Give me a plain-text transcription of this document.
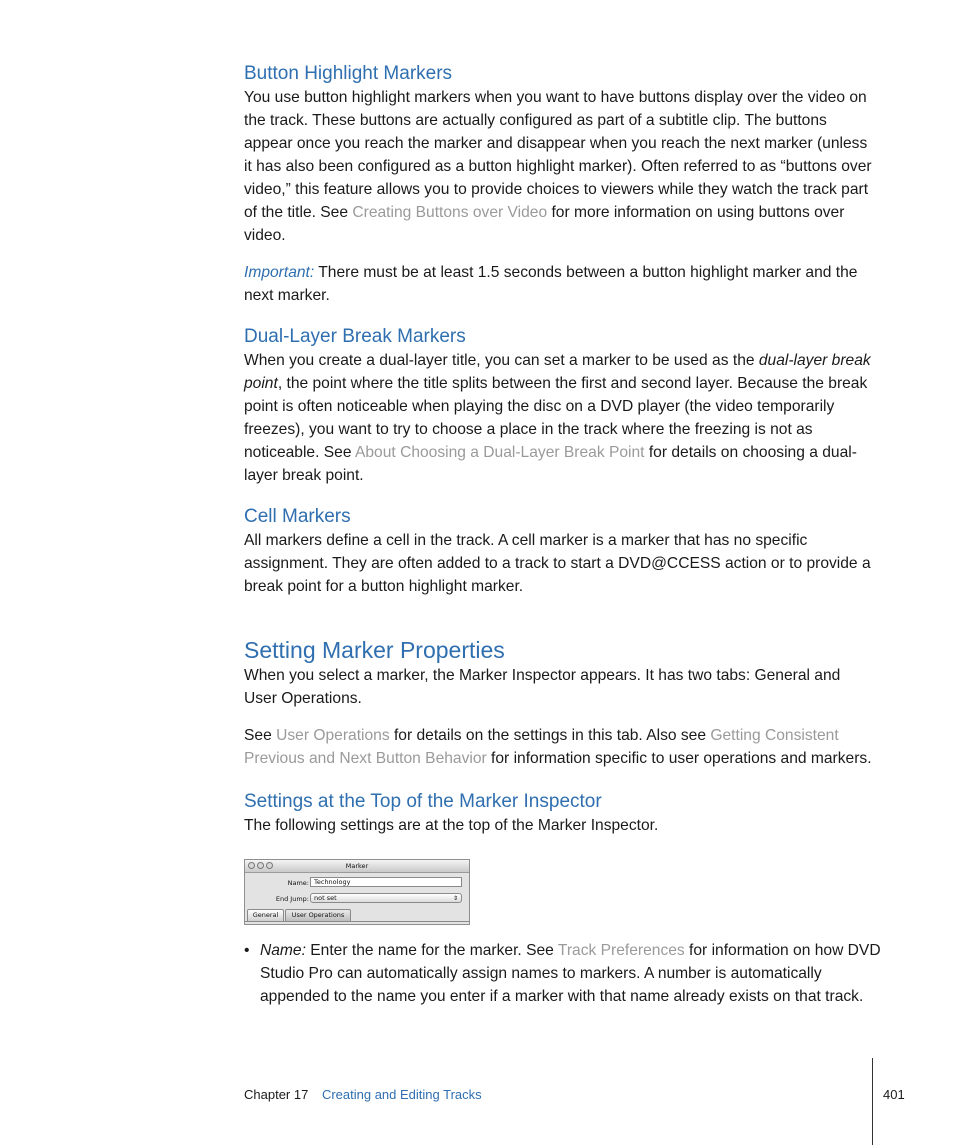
Button Highlight Markers

You use button highlight markers when you want to have buttons display over the video on the track. These buttons are actually configured as part of a subtitle clip. The buttons appear once you reach the marker and disappear when you reach the next marker (unless it has also been configured as a button highlight marker). Often referred to as “buttons over video,” this feature allows you to provide choices to viewers while they watch the track part of the title. See Creating Buttons over Video for more information on using buttons over video.

Important: There must be at least 1.5 seconds between a button highlight marker and the next marker.

Dual-Layer Break Markers

When you create a dual-layer title, you can set a marker to be used as the dual-layer break point, the point where the title splits between the first and second layer. Because the break point is often noticeable when playing the disc on a DVD player (the video temporarily freezes), you want to try to choose a place in the track where the freezing is not as noticeable. See About Choosing a Dual-Layer Break Point for details on choosing a dual-layer break point.

Cell Markers

All markers define a cell in the track. A cell marker is a marker that has no specific assignment. They are often added to a track to start a DVD@CCESS action or to provide a break point for a button highlight marker.

Setting Marker Properties

When you select a marker, the Marker Inspector appears. It has two tabs: General and User Operations.

See User Operations for details on the settings in this tab. Also see Getting Consistent Previous and Next Button Behavior for information specific to user operations and markers.

Settings at the Top of the Marker Inspector

The following settings are at the top of the Marker Inspector.

Marker
Name: Technology
End Jump: not set	⇕
General	User Operations
• Name: Enter the name for the marker. See Track Preferences for information on how DVD Studio Pro can automatically assign names to markers. A number is automatically appended to the name you enter if a marker with that name already exists on that track.

Chapter 17 Creating and Editing Tracks	401
